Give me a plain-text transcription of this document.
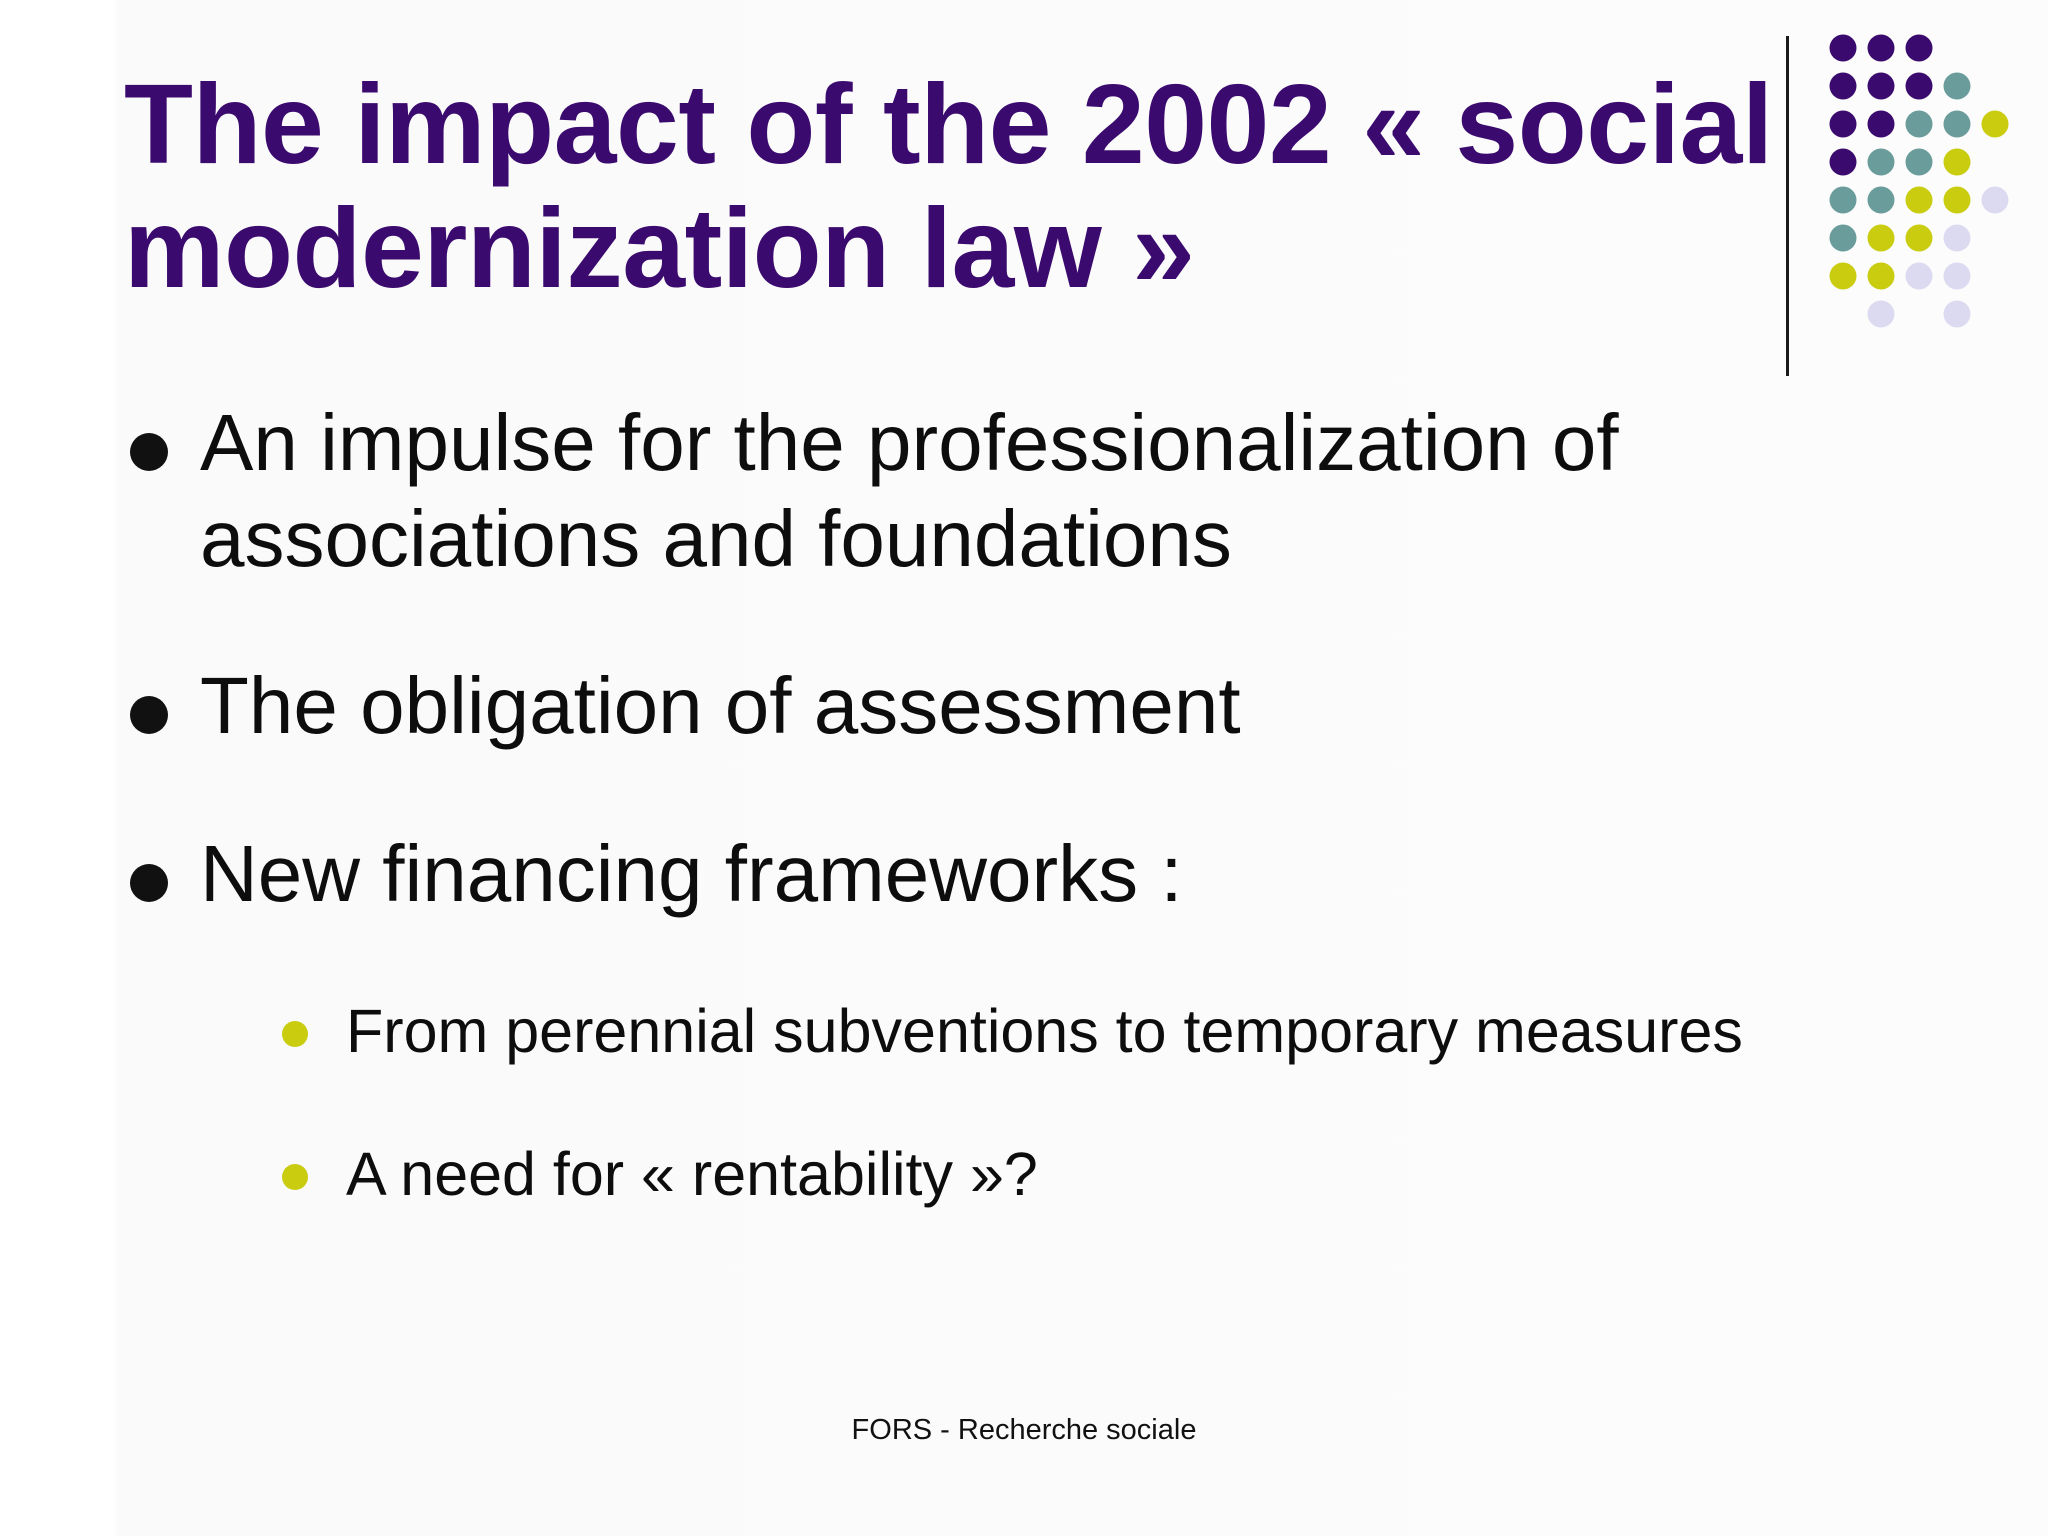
The impact of the 2002 « social
modernization law »
An impulse for the professionalization of
associations and foundations
The obligation of assessment
New financing frameworks :
From perennial subventions to temporary measures
A need for « rentability »?
FORS - Recherche sociale
